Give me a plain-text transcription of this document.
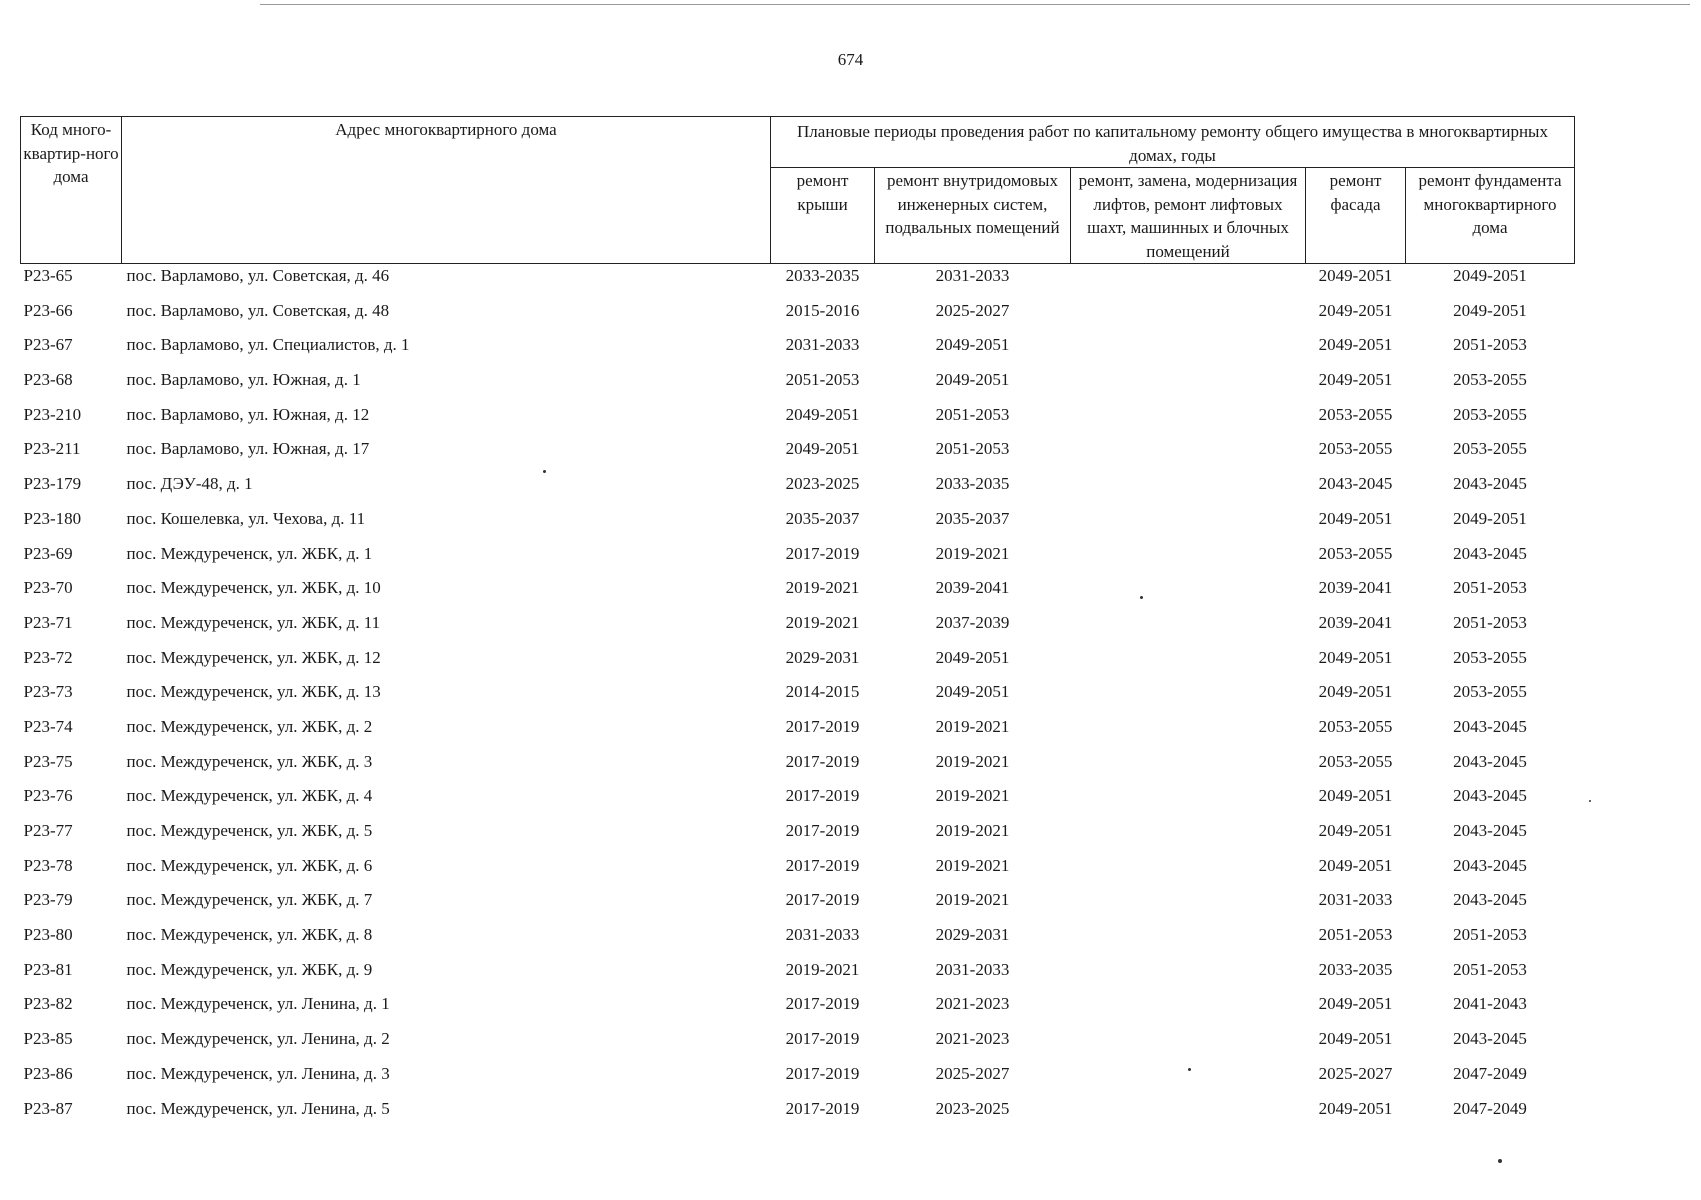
674
Код много-квартир-ного дома	Адрес многоквартирного дома	Плановые периоды проведения работ по капитальному ремонту общего имущества в многоквартирных домах, годы				
		ремонт крыши	ремонт внутридомовых инженерных систем, подвальных помещений	ремонт, замена, модернизация лифтов, ремонт лифтовых шахт, машинных и блочных помещений	ремонт фасада	ремонт фундамента многоквартирного дома
Р23-65	пос. Варламово, ул. Советская, д. 46	2033-2035	2031-2033		2049-2051	2049-2051
Р23-66	пос. Варламово, ул. Советская, д. 48	2015-2016	2025-2027		2049-2051	2049-2051
Р23-67	пос. Варламово, ул. Специалистов, д. 1	2031-2033	2049-2051		2049-2051	2051-2053
Р23-68	пос. Варламово, ул. Южная, д. 1	2051-2053	2049-2051		2049-2051	2053-2055
Р23-210	пос. Варламово, ул. Южная, д. 12	2049-2051	2051-2053		2053-2055	2053-2055
Р23-211	пос. Варламово, ул. Южная, д. 17	2049-2051	2051-2053		2053-2055	2053-2055
Р23-179	пос. ДЭУ-48, д. 1	2023-2025	2033-2035		2043-2045	2043-2045
Р23-180	пос. Кошелевка, ул. Чехова, д. 11	2035-2037	2035-2037		2049-2051	2049-2051
Р23-69	пос. Междуреченск, ул. ЖБК, д. 1	2017-2019	2019-2021		2053-2055	2043-2045
Р23-70	пос. Междуреченск, ул. ЖБК, д. 10	2019-2021	2039-2041		2039-2041	2051-2053
Р23-71	пос. Междуреченск, ул. ЖБК, д. 11	2019-2021	2037-2039		2039-2041	2051-2053
Р23-72	пос. Междуреченск, ул. ЖБК, д. 12	2029-2031	2049-2051		2049-2051	2053-2055
Р23-73	пос. Междуреченск, ул. ЖБК, д. 13	2014-2015	2049-2051		2049-2051	2053-2055
Р23-74	пос. Междуреченск, ул. ЖБК, д. 2	2017-2019	2019-2021		2053-2055	2043-2045
Р23-75	пос. Междуреченск, ул. ЖБК, д. 3	2017-2019	2019-2021		2053-2055	2043-2045
Р23-76	пос. Междуреченск, ул. ЖБК, д. 4	2017-2019	2019-2021		2049-2051	2043-2045
Р23-77	пос. Междуреченск, ул. ЖБК, д. 5	2017-2019	2019-2021		2049-2051	2043-2045
Р23-78	пос. Междуреченск, ул. ЖБК, д. 6	2017-2019	2019-2021		2049-2051	2043-2045
Р23-79	пос. Междуреченск, ул. ЖБК, д. 7	2017-2019	2019-2021		2031-2033	2043-2045
Р23-80	пос. Междуреченск, ул. ЖБК, д. 8	2031-2033	2029-2031		2051-2053	2051-2053
Р23-81	пос. Междуреченск, ул. ЖБК, д. 9	2019-2021	2031-2033		2033-2035	2051-2053
Р23-82	пос. Междуреченск, ул. Ленина, д. 1	2017-2019	2021-2023		2049-2051	2041-2043
Р23-85	пос. Междуреченск, ул. Ленина, д. 2	2017-2019	2021-2023		2049-2051	2043-2045
Р23-86	пос. Междуреченск, ул. Ленина, д. 3	2017-2019	2025-2027		2025-2027	2047-2049
Р23-87	пос. Междуреченск, ул. Ленина, д. 5	2017-2019	2023-2025		2049-2051	2047-2049
